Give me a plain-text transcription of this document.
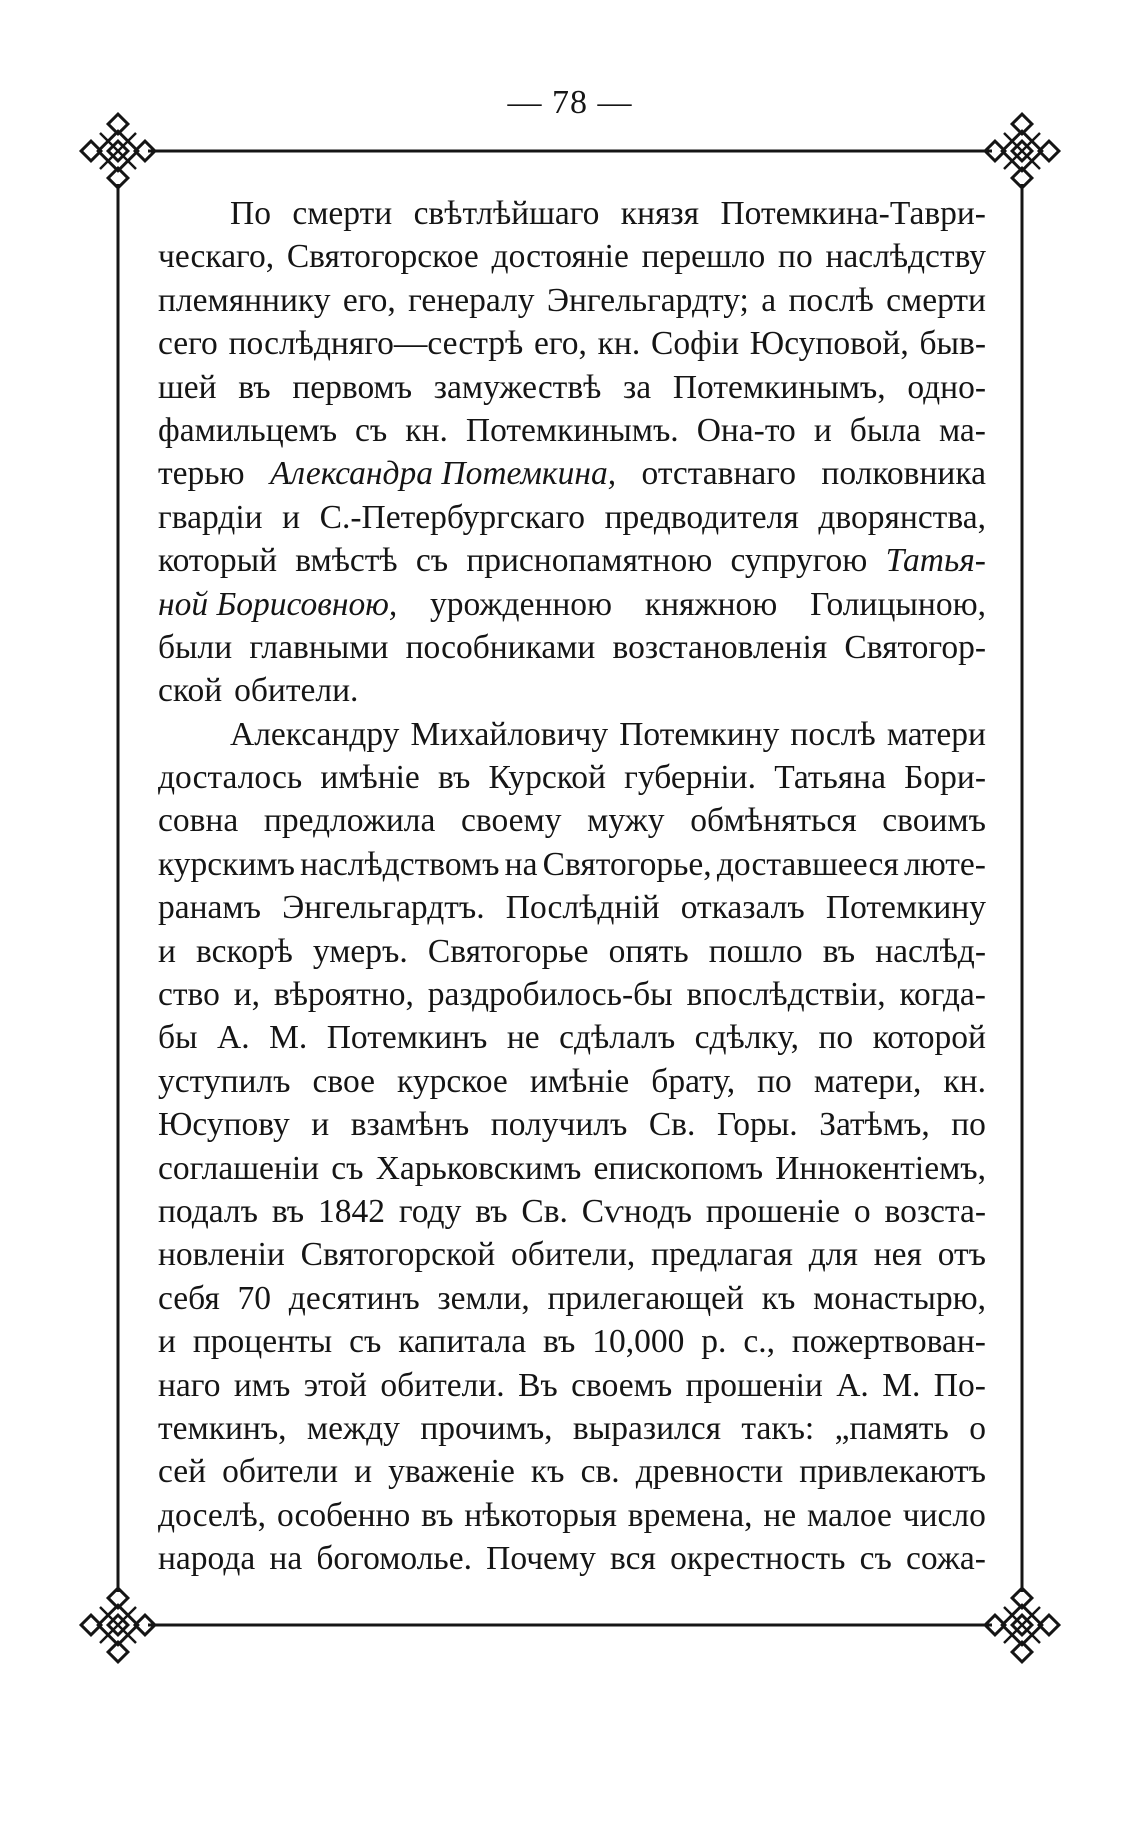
— 78 —
По смерти свѣтлѣйшаго князя Потемкина-Таври-
ческаго, Святогорское достояніе перешло по наслѣдству
племяннику его, генералу Энгельгардту; а послѣ смерти
сего послѣдняго—сестрѣ его, кн. Софіи Юсуповой, быв-
шей въ первомъ замужествѣ за Потемкинымъ, одно-
фамильцемъ съ кн. Потемкинымъ. Она-то и была ма-
терью Александра Потемкина, отставнаго полковника
гвардіи и С.-Петербургскаго предводителя дворянства,
который вмѣстѣ съ приснопамятною супругою Татья-
ной Борисовною, урожденною княжною Голицыною,
были главными пособниками возстановленія Святогор-
ской обители.
Александру Михайловичу Потемкину послѣ матери
досталось имѣніе въ Курской губерніи. Татьяна Бори-
совна предложила своему мужу обмѣняться своимъ
курскимъ наслѣдствомъ на Святогорье, доставшееся люте-
ранамъ Энгельгардтъ. Послѣдній отказалъ Потемкину
и вскорѣ умеръ. Святогорье опять пошло въ наслѣд-
ство и, вѣроятно, раздробилось-бы впослѣдствіи, когда-
бы А. М. Потемкинъ не сдѣлалъ сдѣлку, по которой
уступилъ свое курское имѣніе брату, по матери, кн.
Юсупову и взамѣнъ получилъ Св. Горы. Затѣмъ, по
соглашеніи съ Харьковскимъ епископомъ Иннокентіемъ,
подалъ въ 1842 году въ Св. Сѵнодъ прошеніе о возста-
новленіи Святогорской обители, предлагая для нея отъ
себя 70 десятинъ земли, прилегающей къ монастырю,
и проценты съ капитала въ 10,000 р. с., пожертвован-
наго имъ этой обители. Въ своемъ прошеніи А. М. По-
темкинъ, между прочимъ, выразился такъ: „память о
сей обители и уваженіе къ св. древности привлекаютъ
доселѣ, особенно въ нѣкоторыя времена, не малое число
народа на богомолье. Почему вся окрестность съ сожа-
